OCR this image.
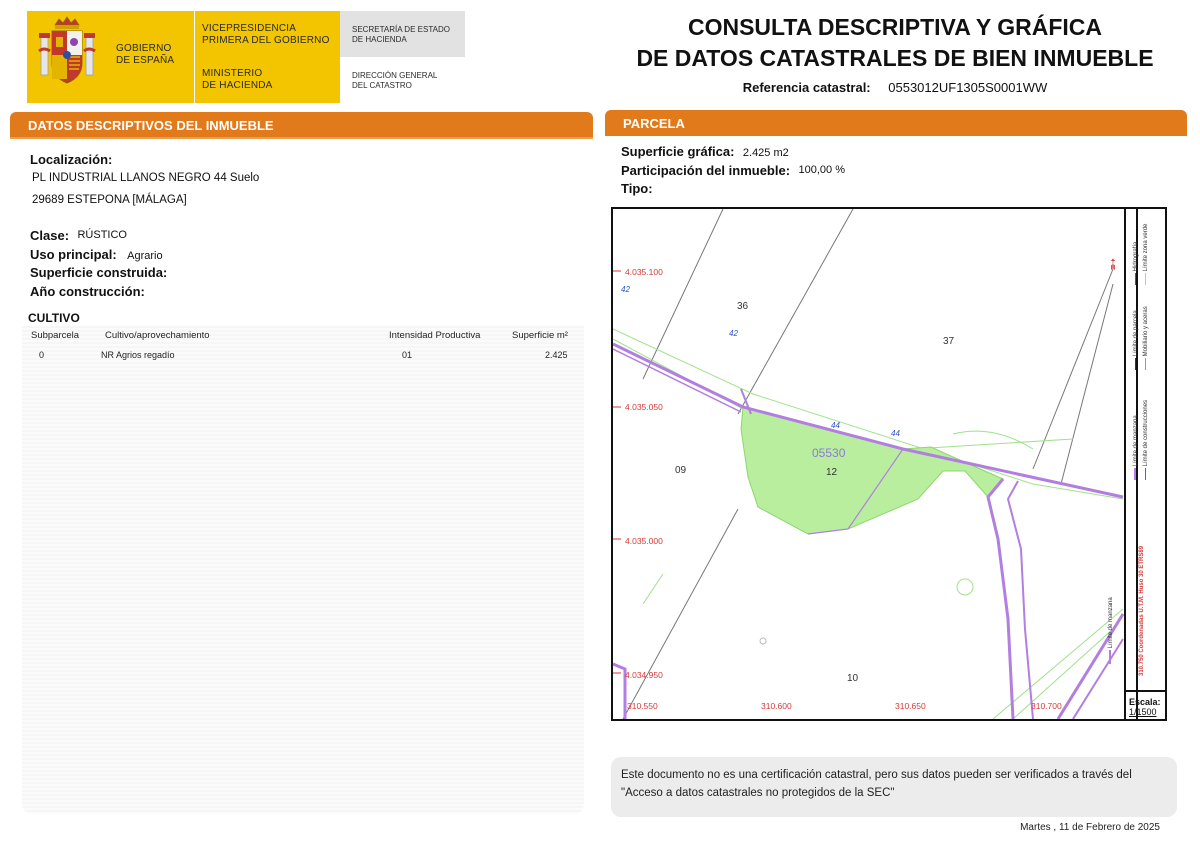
GOBIERNO
DE ESPAÑA
VICEPRESIDENCIA
PRIMERA DEL GOBIERNO
MINISTERIO
DE HACIENDA
SECRETARÍA DE ESTADO
DE HACIENDA
DIRECCIÓN GENERAL
DEL CATASTRO
CONSULTA DESCRIPTIVA Y GRÁFICA
DE DATOS CATASTRALES DE BIEN INMUEBLE
Referencia catastral: 0553012UF1305S0001WW
DATOS DESCRIPTIVOS DEL INMUEBLE
Localización:
PL INDUSTRIAL LLANOS NEGRO 44 Suelo
29689 ESTEPONA [MÁLAGA]
Clase: RÚSTICO
Uso principal: Agrario
Superficie construida:
Año construcción:
CULTIVO
Subparcela	Cultivo/aprovechamiento	Intensidad Productiva	Superficie m²
0	NR Agrios regadío	01	2.425
PARCELA
Superficie gráfica: 2.425 m2
Participación del inmueble: 100,00 %
Tipo:
4.035.100
4.035.050
4.035.000
4.034.950
310.550	310.600	310.650	310.700
36
37
09	12
10
05530
42
42
44
44
➵
Límite de manzana
Límite de manzana Límite de construcciones
Límite de parcela Mobiliario y aceras
Hidrografía Límite zona verde
310.750 Coordenadas U.T.M. Huso 30 ETRS89
Escala:
1/1500
Este documento no es una certificación catastral, pero sus datos pueden ser verificados a través del "Acceso a datos catastrales no protegidos de la SEC"
Martes , 11 de Febrero de 2025
